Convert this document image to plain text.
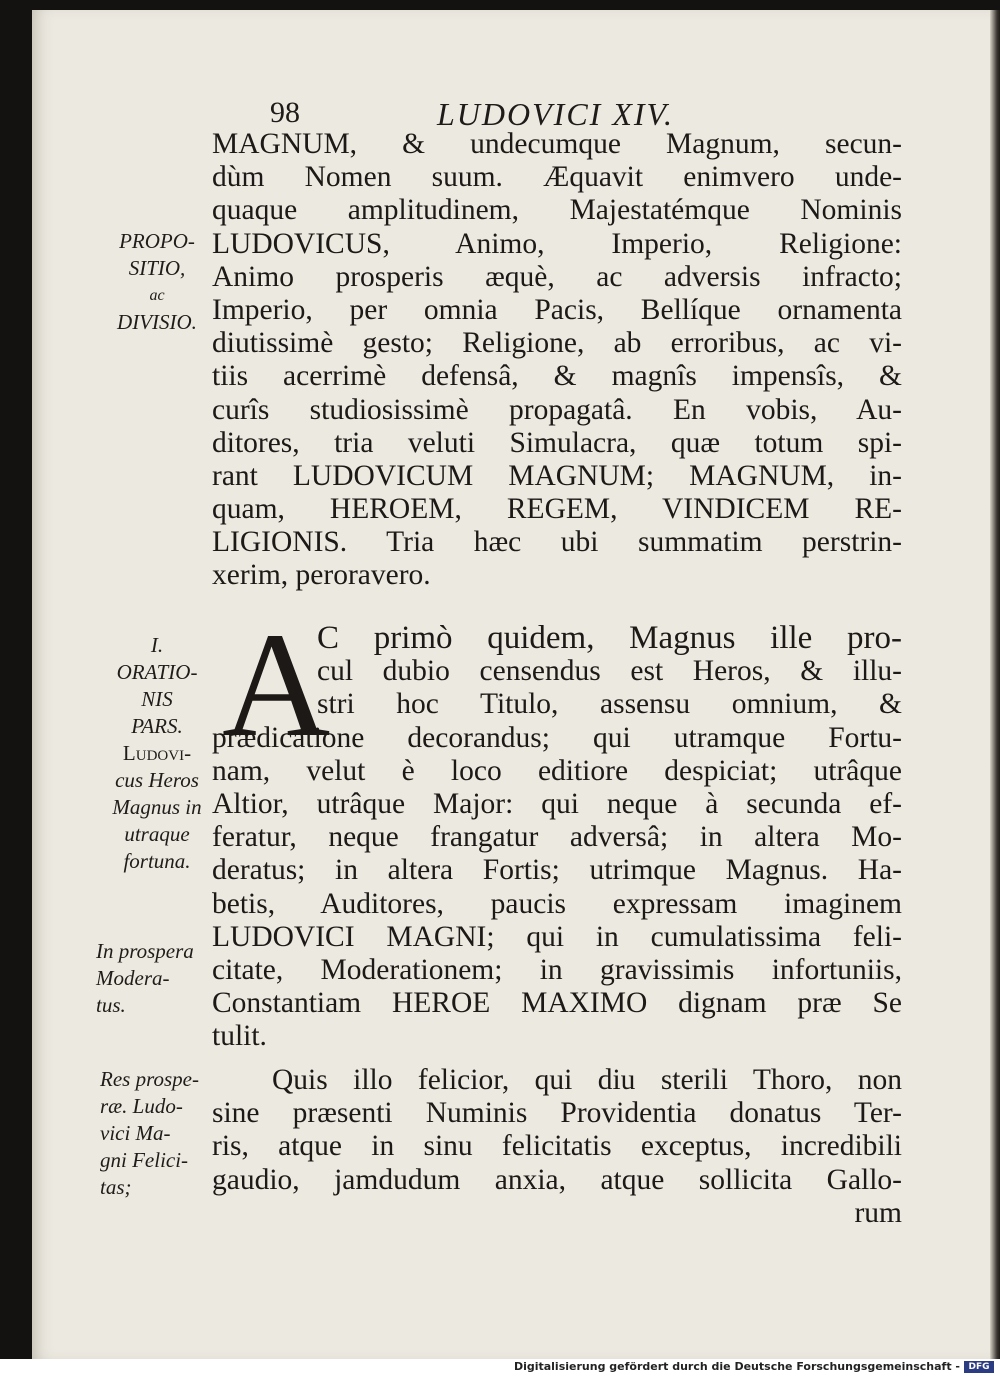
98	LUDOVICI XIV.
MAGNUM, & undecumque Magnum, secun-
dùm Nomen suum. Æquavit enimvero unde-
quaque amplitudinem, Majestatémque Nominis
LUDOVICUS, Animo, Imperio, Religione:
Animo prosperis æquè, ac adversis infracto;
Imperio, per omnia Pacis, Bellíque ornamenta
diutissimè gesto; Religione, ab erroribus, ac vi-
tiis acerrimè defensâ, & magnîs impensîs, &
curîs studiosissimè propagatâ. En vobis, Au-
ditores, tria veluti Simulacra, quæ totum spi-
rant LUDOVICUM MAGNUM; MAGNUM, in-
quam, HEROEM, REGEM, VINDICEM RE-
LIGIONIS. Tria hæc ubi summatim perstrin-
xerim, peroravero.
A
C primò quidem, Magnus ille pro-
cul dubio censendus est Heros, & illu-
stri hoc Titulo, assensu omnium, &
prædicatione decorandus; qui utramque Fortu-
nam, velut è loco editiore despiciat; utrâque
Altior, utrâque Major: qui neque à secunda ef-
feratur, neque frangatur adversâ; in altera Mo-
deratus; in altera Fortis; utrimque Magnus. Ha-
betis, Auditores, paucis expressam imaginem
LUDOVICI MAGNI; qui in cumulatissima feli-
citate, Moderationem; in gravissimis infortuniis,
Constantiam HEROE MAXIMO dignam præ Se
tulit.
Quis illo felicior, qui diu sterili Thoro, non
sine præsenti Numinis Providentia donatus Ter-
ris, atque in sinu felicitatis exceptus, incredibili
gaudio, jamdudum anxia, atque sollicita Gallo-
rum
PROPO-
SITIO,
ac
DIVISIO.
I.
ORATIO-
NIS
PARS.
Ludovi-
cus Heros
Magnus in
utraque
fortuna.
In prospera
Modera-
tus.
Res prospe-
ræ. Ludo-
vici Ma-
gni Felici-
tas;
Digitalisierung gefördert durch die Deutsche Forschungsgemeinschaft - DFG
